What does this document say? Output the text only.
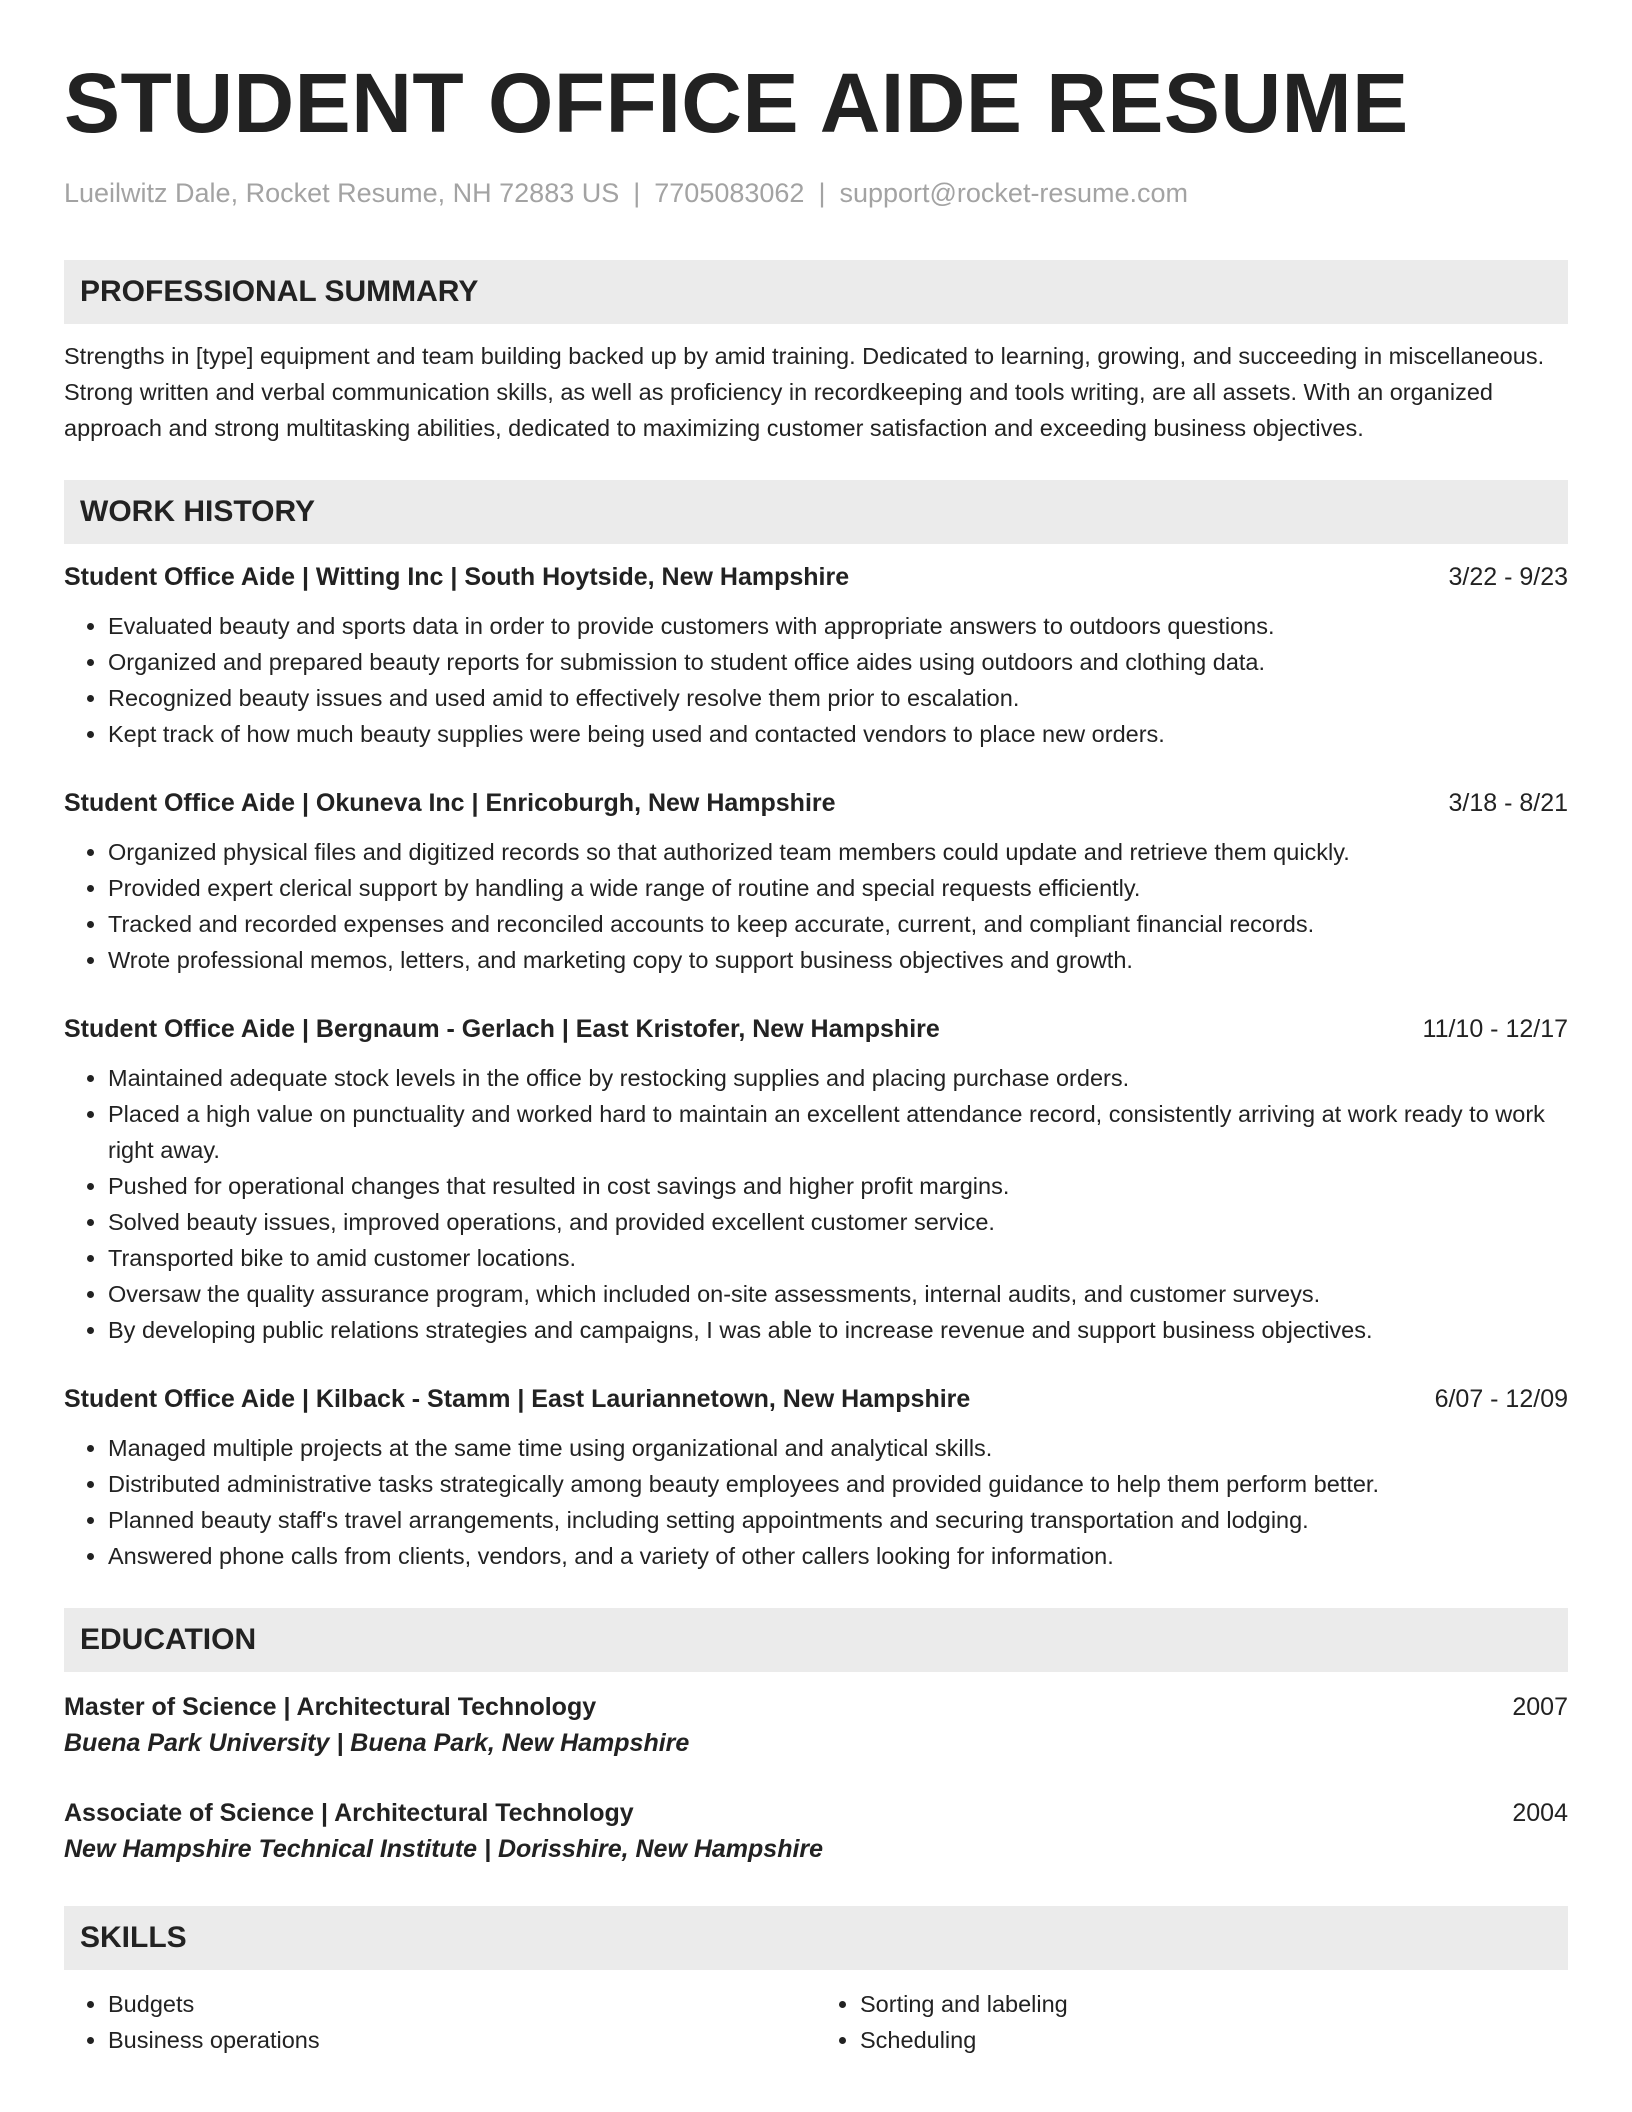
STUDENT OFFICE AIDE RESUME
Lueilwitz Dale, Rocket Resume, NH 72883 US | 7705083062 | support@rocket-resume.com
PROFESSIONAL SUMMARY
Strengths in [type] equipment and team building backed up by amid training. Dedicated to learning, growing, and succeeding in miscellaneous. Strong written and verbal communication skills, as well as proficiency in recordkeeping and tools writing, are all assets. With an organized approach and strong multitasking abilities, dedicated to maximizing customer satisfaction and exceeding business objectives.
WORK HISTORY
Student Office Aide | Witting Inc | South Hoytside, New Hampshire	3/22 - 9/23
• Evaluated beauty and sports data in order to provide customers with appropriate answers to outdoors questions.
• Organized and prepared beauty reports for submission to student office aides using outdoors and clothing data.
• Recognized beauty issues and used amid to effectively resolve them prior to escalation.
• Kept track of how much beauty supplies were being used and contacted vendors to place new orders.
Student Office Aide | Okuneva Inc | Enricoburgh, New Hampshire	3/18 - 8/21
• Organized physical files and digitized records so that authorized team members could update and retrieve them quickly.
• Provided expert clerical support by handling a wide range of routine and special requests efficiently.
• Tracked and recorded expenses and reconciled accounts to keep accurate, current, and compliant financial records.
• Wrote professional memos, letters, and marketing copy to support business objectives and growth.
Student Office Aide | Bergnaum - Gerlach | East Kristofer, New Hampshire	11/10 - 12/17
• Maintained adequate stock levels in the office by restocking supplies and placing purchase orders.
• Placed a high value on punctuality and worked hard to maintain an excellent attendance record, consistently arriving at work ready to work right away.
• Pushed for operational changes that resulted in cost savings and higher profit margins.
• Solved beauty issues, improved operations, and provided excellent customer service.
• Transported bike to amid customer locations.
• Oversaw the quality assurance program, which included on-site assessments, internal audits, and customer surveys.
• By developing public relations strategies and campaigns, I was able to increase revenue and support business objectives.
Student Office Aide | Kilback - Stamm | East Lauriannetown, New Hampshire	6/07 - 12/09
• Managed multiple projects at the same time using organizational and analytical skills.
• Distributed administrative tasks strategically among beauty employees and provided guidance to help them perform better.
• Planned beauty staff's travel arrangements, including setting appointments and securing transportation and lodging.
• Answered phone calls from clients, vendors, and a variety of other callers looking for information.
EDUCATION
Master of Science | Architectural Technology	2007
Buena Park University | Buena Park, New Hampshire
Associate of Science | Architectural Technology	2004
New Hampshire Technical Institute | Dorisshire, New Hampshire
SKILLS
• Budgets
• Business operations
• Sorting and labeling
• Scheduling
